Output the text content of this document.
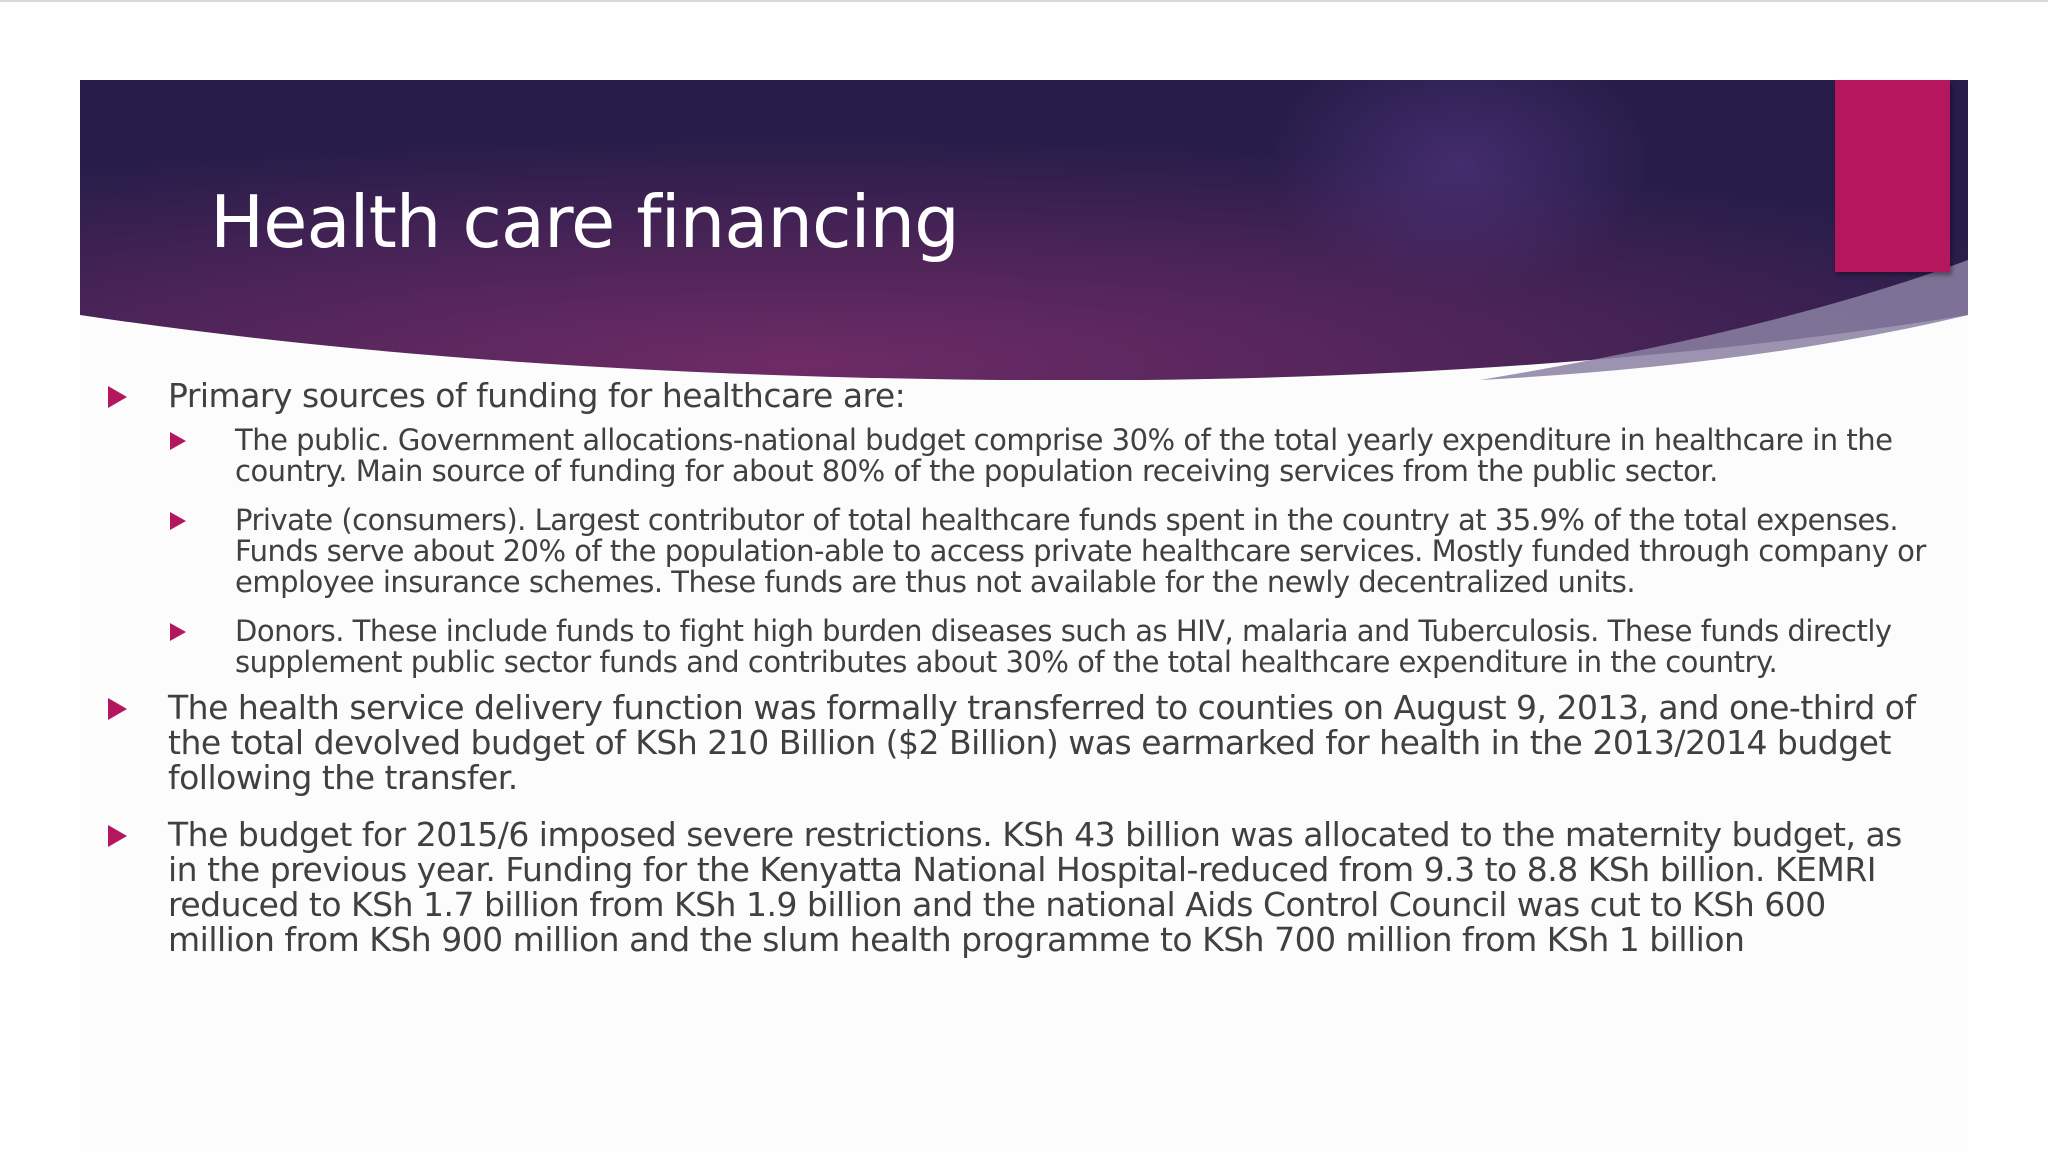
Health care financing
Primary sources of funding for healthcare are:
The public. Government allocations-national budget comprise 30% of the total yearly expenditure in healthcare in the country. Main source of funding for about 80% of the population receiving services from the public sector.
Private (consumers). Largest contributor of total healthcare funds spent in the country at 35.9% of the total expenses. Funds serve about 20% of the population-able to access private healthcare services. Mostly funded through company or employee insurance schemes. These funds are thus not available for the newly decentralized units.
Donors. These include funds to fight high burden diseases such as HIV, malaria and Tuberculosis. These funds directly supplement public sector funds and contributes about 30% of the total healthcare expenditure in the country.
The health service delivery function was formally transferred to counties on August 9, 2013, and one-third of the total devolved budget of KSh 210 Billion ($2 Billion) was earmarked for health in the 2013/2014 budget following the transfer.
The budget for 2015/6 imposed severe restrictions. KSh 43 billion was allocated to the maternity budget, as in the previous year. Funding for the Kenyatta National Hospital-reduced from 9.3 to 8.8 KSh billion. KEMRI reduced to KSh 1.7 billion from KSh 1.9 billion and the national Aids Control Council was cut to KSh 600 million from KSh 900 million and the slum health programme to KSh 700 million from KSh 1 billion
